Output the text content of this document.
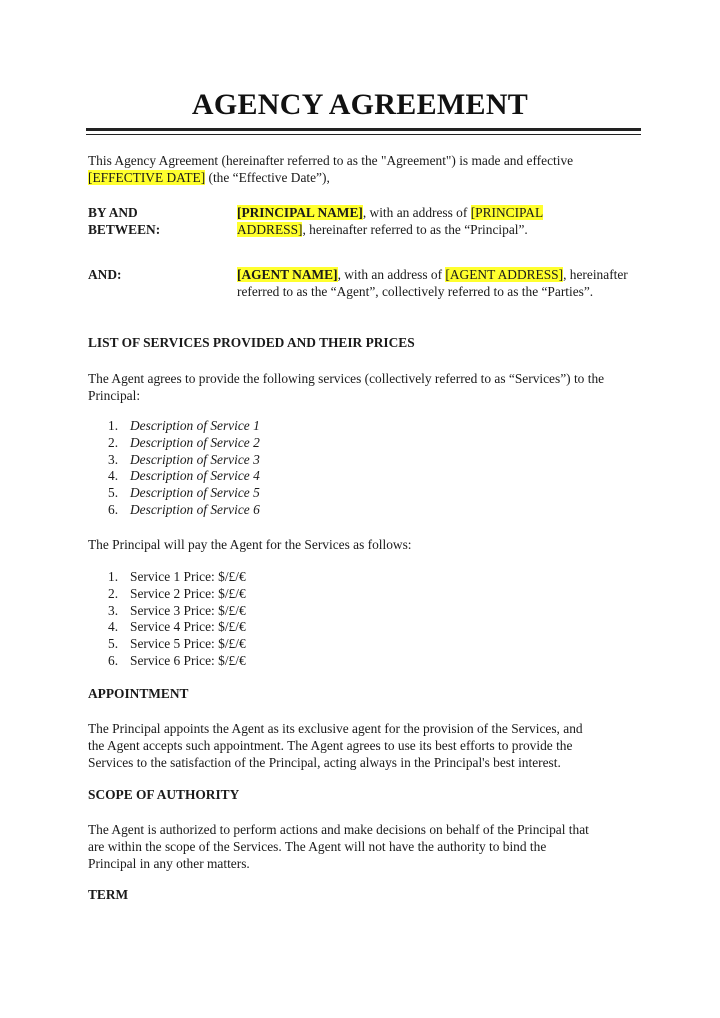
AGENCY AGREEMENT
This Agency Agreement (hereinafter referred to as the "Agreement") is made and effective
[EFFECTIVE DATE] (the “Effective Date”),
BY AND
BETWEEN:
[PRINCIPAL NAME], with an address of [PRINCIPAL ADDRESS], hereinafter referred to as the “Principal”.
AND:	[AGENT NAME], with an address of [AGENT ADDRESS], hereinafter referred to as the “Agent”, collectively referred to as the “Parties”.
LIST OF SERVICES PROVIDED AND THEIR PRICES
The Agent agrees to provide the following services (collectively referred to as “Services”) to the Principal:
1. Description of Service 1
2. Description of Service 2
3. Description of Service 3
4. Description of Service 4
5. Description of Service 5
6. Description of Service 6
The Principal will pay the Agent for the Services as follows:
1. Service 1 Price: $/£/€
2. Service 2 Price: $/£/€
3. Service 3 Price: $/£/€
4. Service 4 Price: $/£/€
5. Service 5 Price: $/£/€
6. Service 6 Price: $/£/€
APPOINTMENT
The Principal appoints the Agent as its exclusive agent for the provision of the Services, and
the Agent accepts such appointment. The Agent agrees to use its best efforts to provide the
Services to the satisfaction of the Principal, acting always in the Principal's best interest.
SCOPE OF AUTHORITY
The Agent is authorized to perform actions and make decisions on behalf of the Principal that
are within the scope of the Services. The Agent will not have the authority to bind the
Principal in any other matters.
TERM
